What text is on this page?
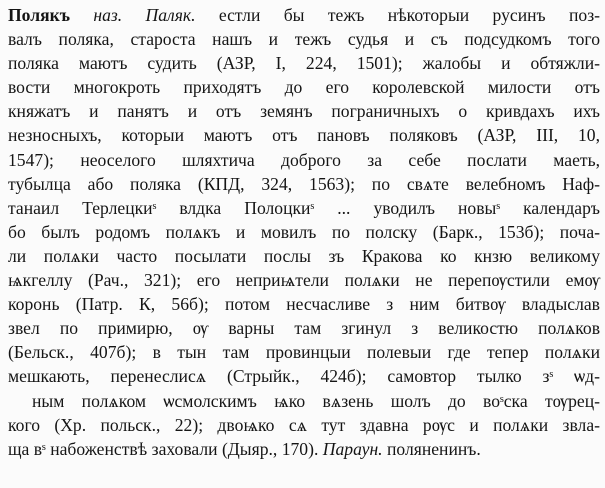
Полякъ наз. Паляк. естли бы тежъ нѣкоторыи русинъ поз-
валъ поляка, староста нашъ и тежъ судья и съ подсудкомъ того
поляка маютъ судить (АЗР, I, 224, 1501); жалобы и обтяжли-
вости многокроть приходятъ до его королевской милости отъ
княжатъ и панятъ и отъ земянъ пограничныхъ о кривдахъ ихъ
незносныхъ, которыи маютъ отъ пановъ поляковъ (АЗР, III, 10,
1547); неоселого шляхтича доброго за себе послати маеть,
тубылца або поляка (КПД, 324, 1563); по свѧте велебномъ Наф-
танаил Терлецкиˢ влдка Полоцкиˢ ... уводилъ новыˢ календаръ
бо былъ родомъ полѧкъ и мовилъ по полску (Барк., 153б); поча-
ли полѧки часто посылати послы зъ Кракова ко кнзю великому
ѩкгеллу (Рач., 321); его неприѩтели полѧки не перепѹстили емѹ
коронь (Патр. К, 56б); потом несчасливе з ним битвѹ владыслав
звел по примирю, ѹ варны там згинул з великостю полѧков
(Бельск., 407б); в тын там провинцыи полевыи где тепер полѧки
мешкають, перенеслисѧ (Стрыйк., 424б); самовтор тылко зˢ ѡд-
ным полѧком ѡсмолскимъ ѩко вѧзень шолъ до воˢска тѹрец-
кого (Хр. польск., 22); двоѩко сѧ тут здавна рѹс и полѧки звла-
ща вˢ набоженствѣ заховали (Дыяр., 170). Параун. поляненинъ.
